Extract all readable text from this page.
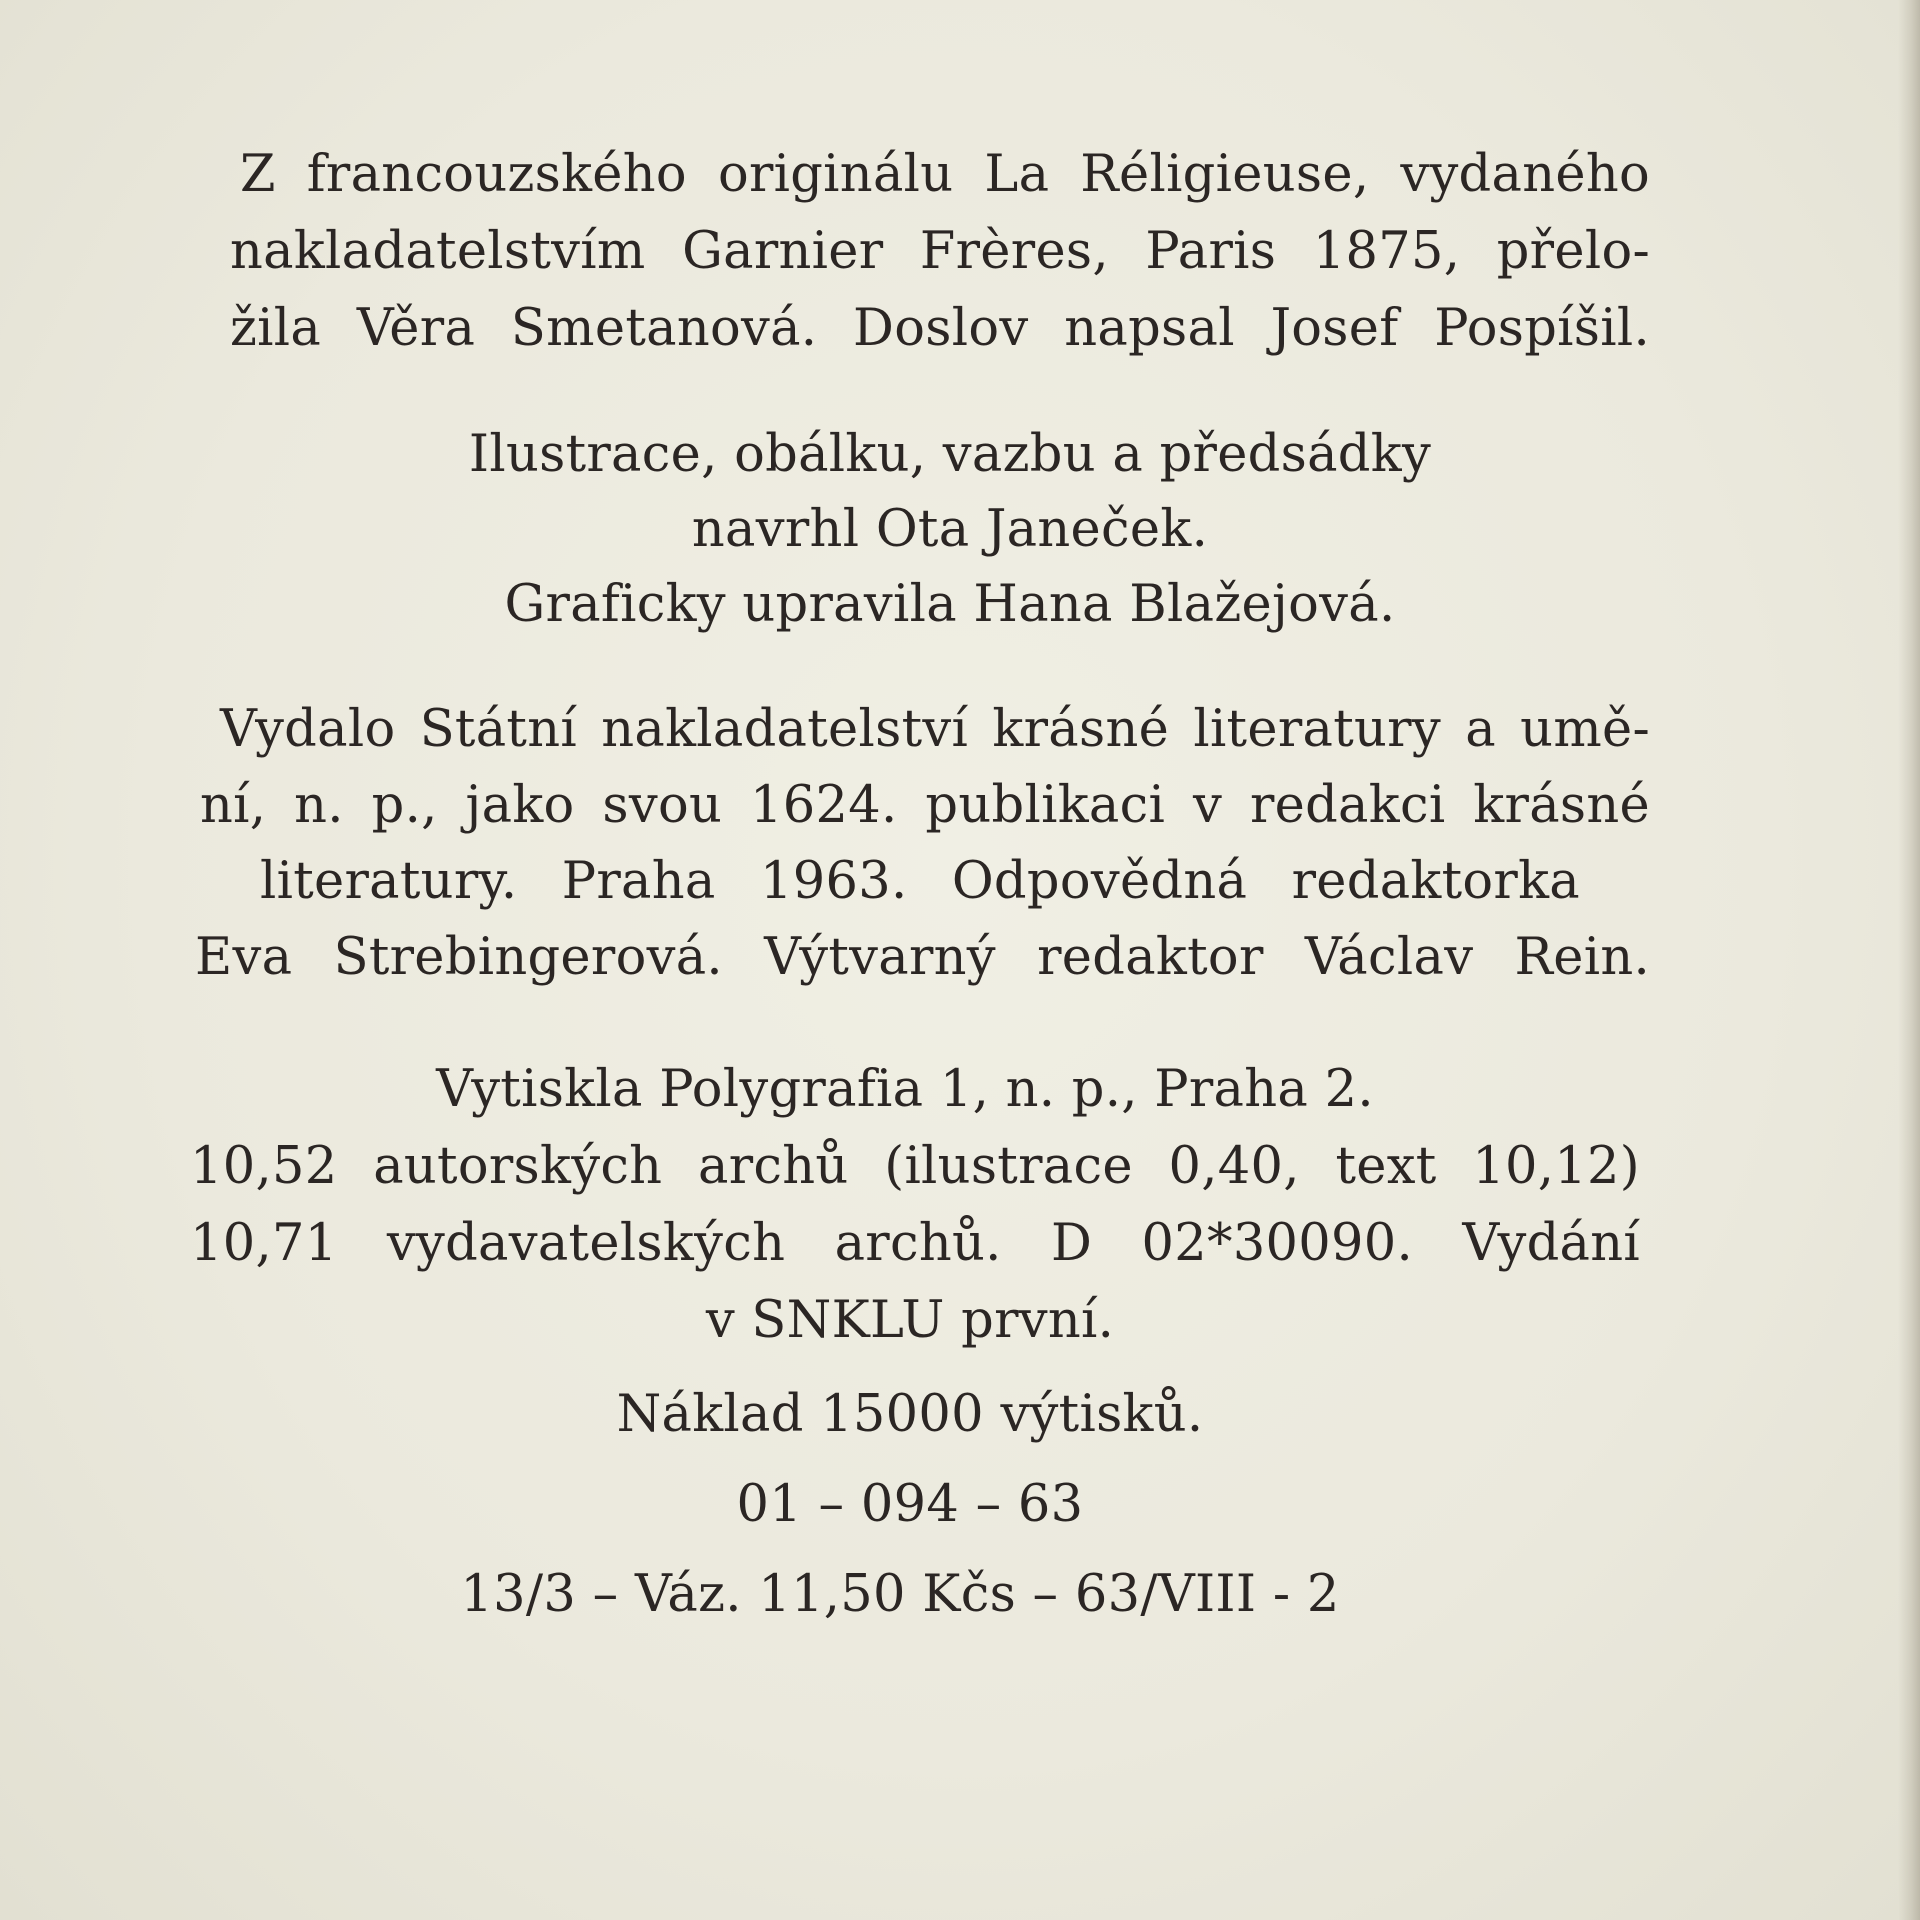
Z francouzského originálu La Réligieuse, vydaného
nakladatelstvím Garnier Frères, Paris 1875, přelo-
žila Věra Smetanová. Doslov napsal Josef Pospíšil.
Ilustrace, obálku, vazbu a předsádky
navrhl Ota Janeček.
Graficky upravila Hana Blažejová.
Vydalo Státní nakladatelství krásné literatury a umě-
ní, n. p., jako svou 1624. publikaci v redakci krásné
literatury. Praha 1963. Odpovědná redaktorka
Eva Strebingerová. Výtvarný redaktor Václav Rein.
Vytiskla Polygrafia 1, n. p., Praha 2.
10,52 autorských archů (ilustrace 0,40, text 10,12)
10,71 vydavatelských archů. D 02*30090. Vydání
v SNKLU první.
Náklad 15000 výtisků.
01 – 094 – 63
13/3 – Váz. 11,50 Kčs – 63/VIII - 2
